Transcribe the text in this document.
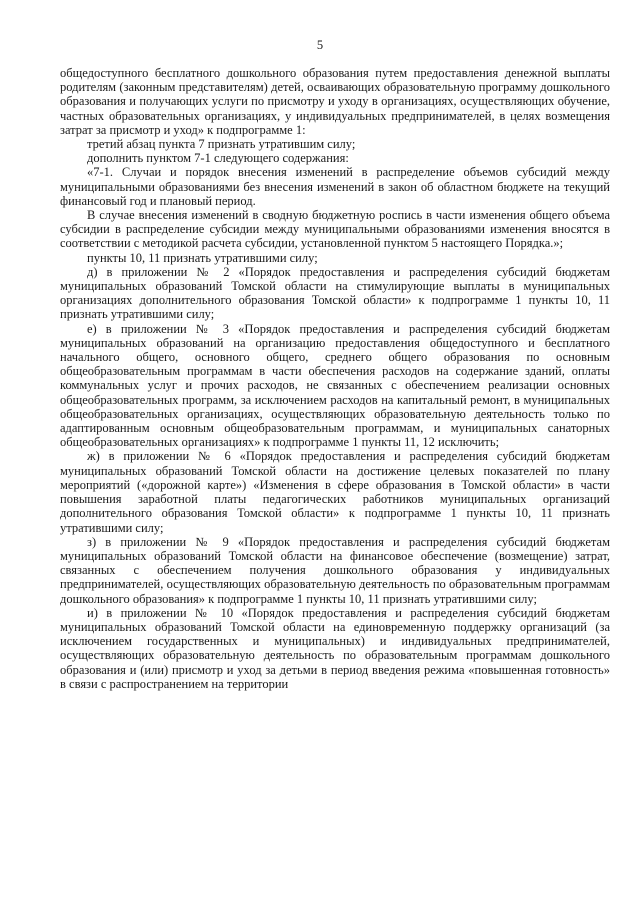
5

общедоступного бесплатного дошкольного образования путем предоставления денежной выплаты родителям (законным представителям) детей, осваивающих образовательную программу дошкольного образования и получающих услуги по присмотру и уходу в организациях, осуществляющих обучение, частных образовательных организациях, у индивидуальных предпринимателей, в целях возмещения затрат за присмотр и уход» к подпрограмме 1:

третий абзац пункта 7 признать утратившим силу;

дополнить пунктом 7-1 следующего содержания:

«7-1. Случаи и порядок внесения изменений в распределение объемов субсидий между муниципальными образованиями без внесения изменений в закон об областном бюджете на текущий финансовый год и плановый период.

В случае внесения изменений в сводную бюджетную роспись в части изменения общего объема субсидии в распределение субсидии между муниципальными образованиями изменения вносятся в соответствии с методикой расчета субсидии, установленной пунктом 5 настоящего Порядка.»;

пункты 10, 11 признать утратившими силу;

д) в приложении № 2 «Порядок предоставления и распределения субсидий бюджетам муниципальных образований Томской области на стимулирующие выплаты в муниципальных организациях дополнительного образования Томской области» к подпрограмме 1 пункты 10, 11 признать утратившими силу;

е) в приложении № 3 «Порядок предоставления и распределения субсидий бюджетам муниципальных образований на организацию предоставления общедоступного и бесплатного начального общего, основного общего, среднего общего образования по основным общеобразовательным программам в части обеспечения расходов на содержание зданий, оплаты коммунальных услуг и прочих расходов, не связанных с обеспечением реализации основных общеобразовательных программ, за исключением расходов на капитальный ремонт, в муниципальных общеобразовательных организациях, осуществляющих образовательную деятельность только по адаптированным основным общеобразовательным программам, и муниципальных санаторных общеобразовательных организациях» к подпрограмме 1 пункты 11, 12 исключить;

ж) в приложении № 6 «Порядок предоставления и распределения субсидий бюджетам муниципальных образований Томской области на достижение целевых показателей по плану мероприятий («дорожной карте») «Изменения в сфере образования в Томской области» в части повышения заработной платы педагогических работников муниципальных организаций дополнительного образования Томской области» к подпрограмме 1 пункты 10, 11 признать утратившими силу;

з) в приложении № 9 «Порядок предоставления и распределения субсидий бюджетам муниципальных образований Томской области на финансовое обеспечение (возмещение) затрат, связанных с обеспечением получения дошкольного образования у индивидуальных предпринимателей, осуществляющих образовательную деятельность по образовательным программам дошкольного образования» к подпрограмме 1 пункты 10, 11 признать утратившими силу;

и) в приложении № 10 «Порядок предоставления и распределения субсидий бюджетам муниципальных образований Томской области на единовременную поддержку организаций (за исключением государственных и муниципальных) и индивидуальных предпринимателей, осуществляющих образовательную деятельность по образовательным программам дошкольного образования и (или) присмотр и уход за детьми в период введения режима «повышенная готовность» в связи с распространением на территории
